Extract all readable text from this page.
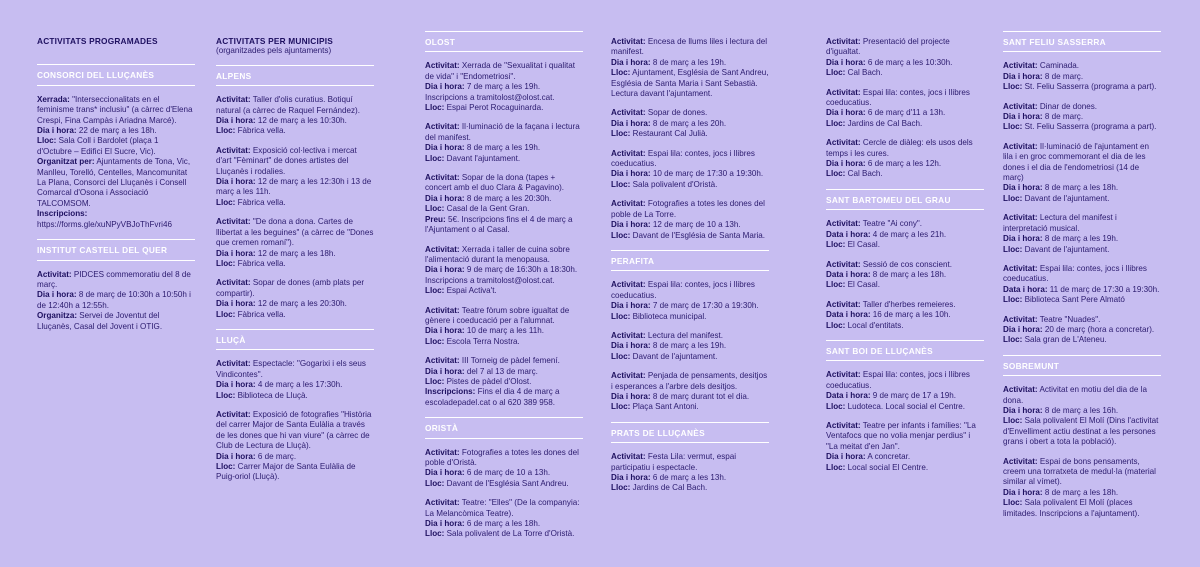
ACTIVITATS PROGRAMADES

CONSORCI DEL LLUÇANÈS

Xerrada: "Interseccionalitats en el feminisme trans* inclusiu" (a càrrec d'Elena Crespi, Fina Campàs i Ariadna Marcé).

Dia i hora: 22 de març a les 18h.

Lloc: Sala Coll i Bardolet (plaça 1 d'Octubre – Edifici El Sucre, Vic).

Organitzat per: Ajuntaments de Tona, Vic, Manlleu, Torelló, Centelles, Mancomunitat La Plana, Consorci del Lluçanès i Consell Comarcal d'Osona i Associació TALCOMSOM.

Inscripcions:

https://forms.gle/xuNPyVBJoThFvri46

INSTITUT CASTELL DEL QUER

Activitat: PIDCES commemoratiu del 8 de març.

Dia i hora: 8 de març de 10:30h a 10:50h i de 12:40h a 12:55h.

Organitza: Servei de Joventut del Lluçanès, Casal del Jovent i OTIG.

ACTIVITATS PER MUNICIPIS

(organitzades pels ajuntaments)

ALPENS

Activitat: Taller d'olis curatius. Botiquí natural (a càrrec de Raquel Fernández).

Dia i hora: 12 de març a les 10:30h.

Lloc: Fàbrica vella.

Activitat: Exposició col·lectiva i mercat d'art "Fèminart" de dones artistes del Lluçanès i rodalies.

Dia i hora: 12 de març a les 12:30h i 13 de març a les 11h.

Lloc: Fàbrica vella.

Activitat: "De dona a dona. Cartes de llibertat a les beguines" (a càrrec de "Dones que cremen romaní").

Dia i hora: 12 de març a les 18h.

Lloc: Fàbrica vella.

Activitat: Sopar de dones (amb plats per compartir).

Dia i hora: 12 de març a les 20:30h.

Lloc: Fàbrica vella.

LLUÇÀ

Activitat: Espectacle: "Gogarixi i els seus Vindicontes".

Dia i hora: 4 de març a les 17:30h.

Lloc: Biblioteca de Lluçà.

Activitat: Exposició de fotografies "Història del carrer Major de Santa Eulàlia a través de les dones que hi van viure" (a càrrec de Club de Lectura de Lluçà).

Dia i hora: 6 de març.

Lloc: Carrer Major de Santa Eulàlia de Puig-oriol (Lluçà).

OLOST

Activitat: Xerrada de "Sexualitat i qualitat de vida" i "Endometriosi".

Dia i hora: 7 de març a les 19h. Inscripcions a tramitolost@olost.cat.

Lloc: Espai Perot Rocaguinarda.

Activitat: Il·luminació de la façana i lectura del manifest.

Dia i hora: 8 de març a les 19h.

Lloc: Davant l'ajuntament.

Activitat: Sopar de la dona (tapes + concert amb el duo Clara & Pagavino).

Dia i hora: 8 de març a les 20:30h.

Lloc: Casal de la Gent Gran.

Preu: 5€. Inscripcions fins el 4 de març a l'Ajuntament o al Casal.

Activitat: Xerrada i taller de cuina sobre l'alimentació durant la menopausa.

Dia i hora: 9 de març de 16:30h a 18:30h. Inscripcions a tramitolost@olost.cat.

Lloc: Espai Activa't.

Activitat: Teatre fòrum sobre igualtat de gènere i coeducació per a l'alumnat.

Dia i hora: 10 de març a les 11h.

Lloc: Escola Terra Nostra.

Activitat: III Torneig de pàdel femení.

Dia i hora: del 7 al 13 de març.

Lloc: Pistes de pàdel d'Olost.

Inscripcions: Fins el dia 4 de març a escoladepadel.cat o al 620 389 958.

ORISTÀ

Activitat: Fotografies a totes les dones del poble d'Oristà.

Dia i hora: 6 de març de 10 a 13h.

Lloc: Davant de l'Església Sant Andreu.

Activitat: Teatre: "Elles" (De la companyia: La Melancòmica Teatre).

Dia i hora: 6 de març a les 18h.

Lloc: Sala polivalent de La Torre d'Oristà.

Activitat: Encesa de llums liles i lectura del manifest.

Dia i hora: 8 de març a les 19h.

Lloc: Ajuntament, Església de Sant Andreu, Església de Santa Maria i Sant Sebastià. Lectura davant l'ajuntament.

Activitat: Sopar de dones.

Dia i hora: 8 de març a les 20h.

Lloc: Restaurant Cal Julià.

Activitat: Espai lila: contes, jocs i llibres coeducatius.

Dia i hora: 10 de març de 17:30 a 19:30h.

Lloc: Sala polivalent d'Oristà.

Activitat: Fotografies a totes les dones del poble de La Torre.

Dia i hora: 12 de març de 10 a 13h.

Lloc: Davant de l'Església de Santa Maria.

PERAFITA

Activitat: Espai lila: contes, jocs i llibres coeducatius.

Dia i hora: 7 de març de 17:30 a 19:30h.

Lloc: Biblioteca municipal.

Activitat: Lectura del manifest.

Dia i hora: 8 de març a les 19h.

Lloc: Davant de l'ajuntament.

Activitat: Penjada de pensaments, desitjos i esperances a l'arbre dels desitjos.

Dia i hora: 8 de març durant tot el dia.

Lloc: Plaça Sant Antoni.

PRATS DE LLUÇANÈS

Activitat: Festa Lila: vermut, espai participatiu i espectacle.

Dia i hora: 6 de març a les 13h.

Lloc: Jardins de Cal Bach.

Activitat: Presentació del projecte d'igualtat.

Dia i hora: 6 de març a les 10:30h.

Lloc: Cal Bach.

Activitat: Espai lila: contes, jocs i llibres coeducatius.

Dia i hora: 6 de març d'11 a 13h.

Lloc: Jardins de Cal Bach.

Activitat: Cercle de diàleg: els usos dels temps i les cures.

Dia i hora: 6 de març a les 12h.

Lloc: Cal Bach.

SANT BARTOMEU DEL GRAU

Activitat: Teatre "Ai cony".

Data i hora: 4 de març a les 21h.

Lloc: El Casal.

Activitat: Sessió de cos conscient.

Data i hora: 8 de març a les 18h.

Lloc: El Casal.

Activitat: Taller d'herbes remeieres.

Data i hora: 16 de març a les 10h.

Lloc: Local d'entitats.

SANT BOI DE LLUÇANÈS

Activitat: Espai lila: contes, jocs i llibres coeducatius.

Data i hora: 9 de març de 17 a 19h.

Lloc: Ludoteca. Local social el Centre.

Activitat: Teatre per infants i famílies: "La Ventafocs que no volia menjar perdius" i "La meitat d'en Jan".

Dia i hora: A concretar.

Lloc: Local social El Centre.

SANT FELIU SASSERRA

Activitat: Caminada.

Dia i hora: 8 de març.

Lloc: St. Feliu Sasserra (programa a part).

Activitat: Dinar de dones.

Dia i hora: 8 de març.

Lloc: St. Feliu Sasserra (programa a part).

Activitat: Il·luminació de l'ajuntament en lila i en groc commemorant el dia de les dones i el dia de l'endometriosi (14 de març)

Dia i hora: 8 de març a les 18h.

Lloc: Davant de l'ajuntament.

Activitat: Lectura del manifest i interpretació musical.

Dia i hora: 8 de març a les 19h.

Lloc: Davant de l'ajuntament.

Activitat: Espai lila: contes, jocs i llibres coeducatius.

Data i hora: 11 de març de 17:30 a 19:30h.

Lloc: Biblioteca Sant Pere Almató

Activitat: Teatre "Nuades".

Dia i hora: 20 de març (hora a concretar).

Lloc: Sala gran de L'Ateneu.

SOBREMUNT

Activitat: Activitat en motiu del dia de la dona.

Dia i hora: 8 de març a les 16h.

Lloc: Sala polivalent El Molí (Dins l'activitat d'Envelliment actiu destinat a les persones grans i obert a tota la població).

Activitat: Espai de bons pensaments, creem una torratxeta de medul·la (material similar al vímet).

Dia i hora: 8 de març a les 18h.

Lloc: Sala polivalent El Molí (places limitades. Inscripcions a l'ajuntament).
